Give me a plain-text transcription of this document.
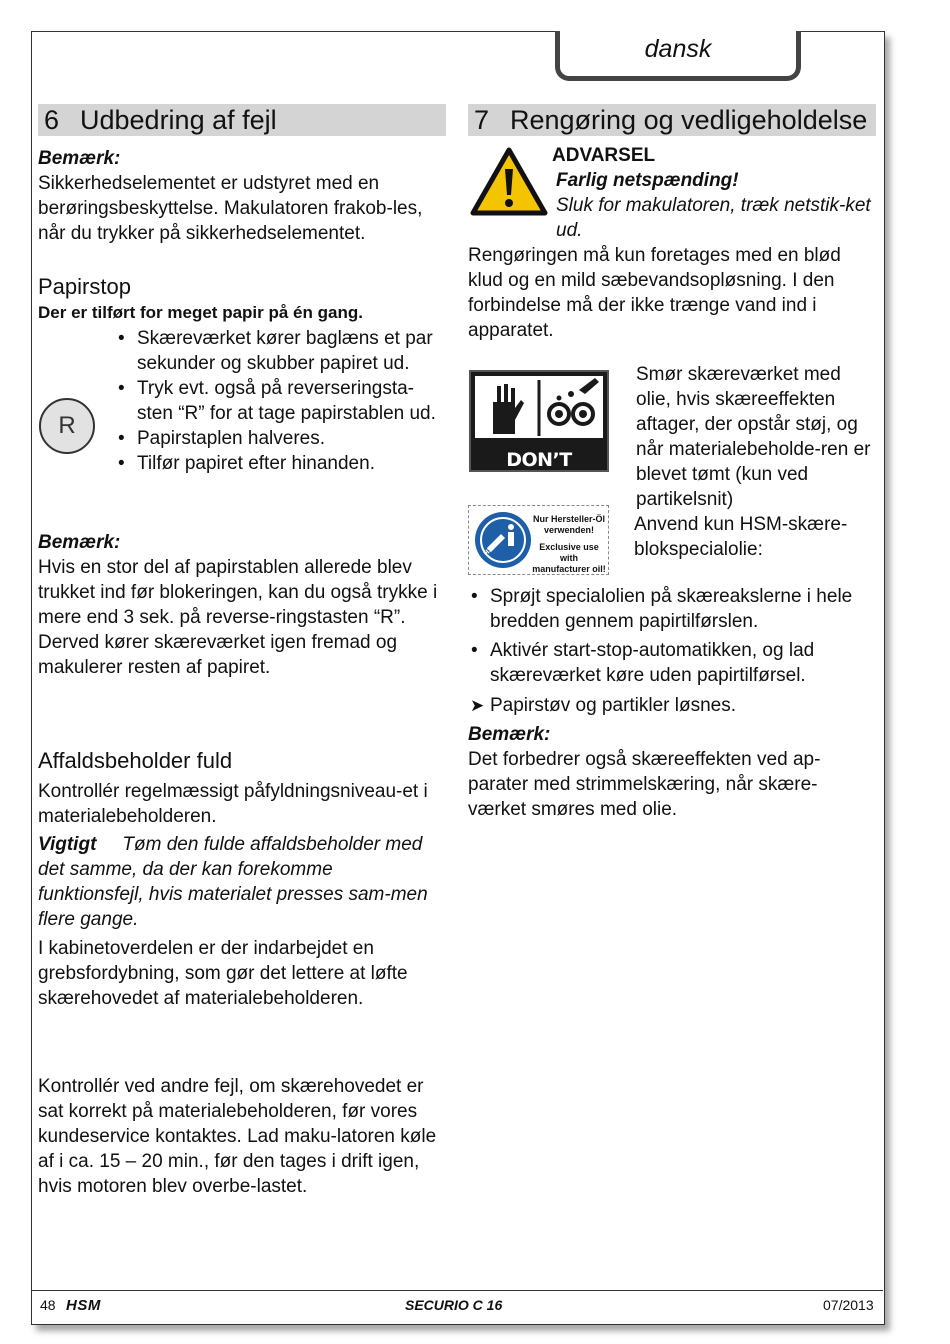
dansk
6 Udbedring af fejl
Bemærk:
Sikkerhedselementet er udstyret med en berøringsbeskyttelse. Makulatoren frakob-les, når du trykker på sikkerhedselementet.
Papirstop
Der er tilført for meget papir på én gang.
R
• Skæreværket kører baglæns et par sekunder og skubber papiret ud.
• Tryk evt. også på reverseringsta-sten “R” for at tage papirstablen ud.
• Papirstaplen halveres.
• Tilfør papiret efter hinanden.
Bemærk:
Hvis en stor del af papirstablen allerede blev trukket ind før blokeringen, kan du også trykke i mere end 3 sek. på reverse-ringstasten “R”. Derved kører skæreværket igen fremad og makulerer resten af papiret.
Affaldsbeholder fuld
Kontrollér regelmæssigt påfyldningsniveau-et i materialebeholderen.
Vigtigt Tøm den fulde affaldsbeholder med det samme, da der kan forekomme funktionsfejl, hvis materialet presses sam-men flere gange.
I kabinetoverdelen er der indarbejdet en grebsfordybning, som gør det lettere at løfte skærehovedet af materialebeholderen.
Kontrollér ved andre fejl, om skærehovedet er sat korrekt på materialebeholderen, før vores kundeservice kontaktes. Lad maku-latoren køle af i ca. 15 – 20 min., før den tages i drift igen, hvis motoren blev overbe-lastet.
7 Rengøring og vedligeholdelse
ADVARSEL
Farlig netspænding!
Sluk for makulatoren, træk netstik-ket ud.
Rengøringen må kun foretages med en blød klud og en mild sæbevandsopløsning. I den forbindelse må der ikke trænge vand ind i apparatet.
DON’T FORGET
Smør skæreværket med olie, hvis skæreeffekten aftager, der opstår støj, og når materialebeholde-ren er blevet tømt (kun ved partikelsnit)
Nur Hersteller-Öl verwenden!
Exclusive use with manufacturer oil!
HSM
Anvend kun HSM-skære-blokspecialolie:
• Sprøjt specialolien på skæreakslerne i hele bredden gennem papirtilførslen.
• Aktivér start-stop-automatikken, og lad skæreværket køre uden papirtilførsel.
➤ Papirstøv og partikler løsnes.
Bemærk:
Det forbedrer også skæreeffekten ved ap-parater med strimmelskæring, når skære-værket smøres med olie.
48 HSM	SECURIO C 16	07/2013
